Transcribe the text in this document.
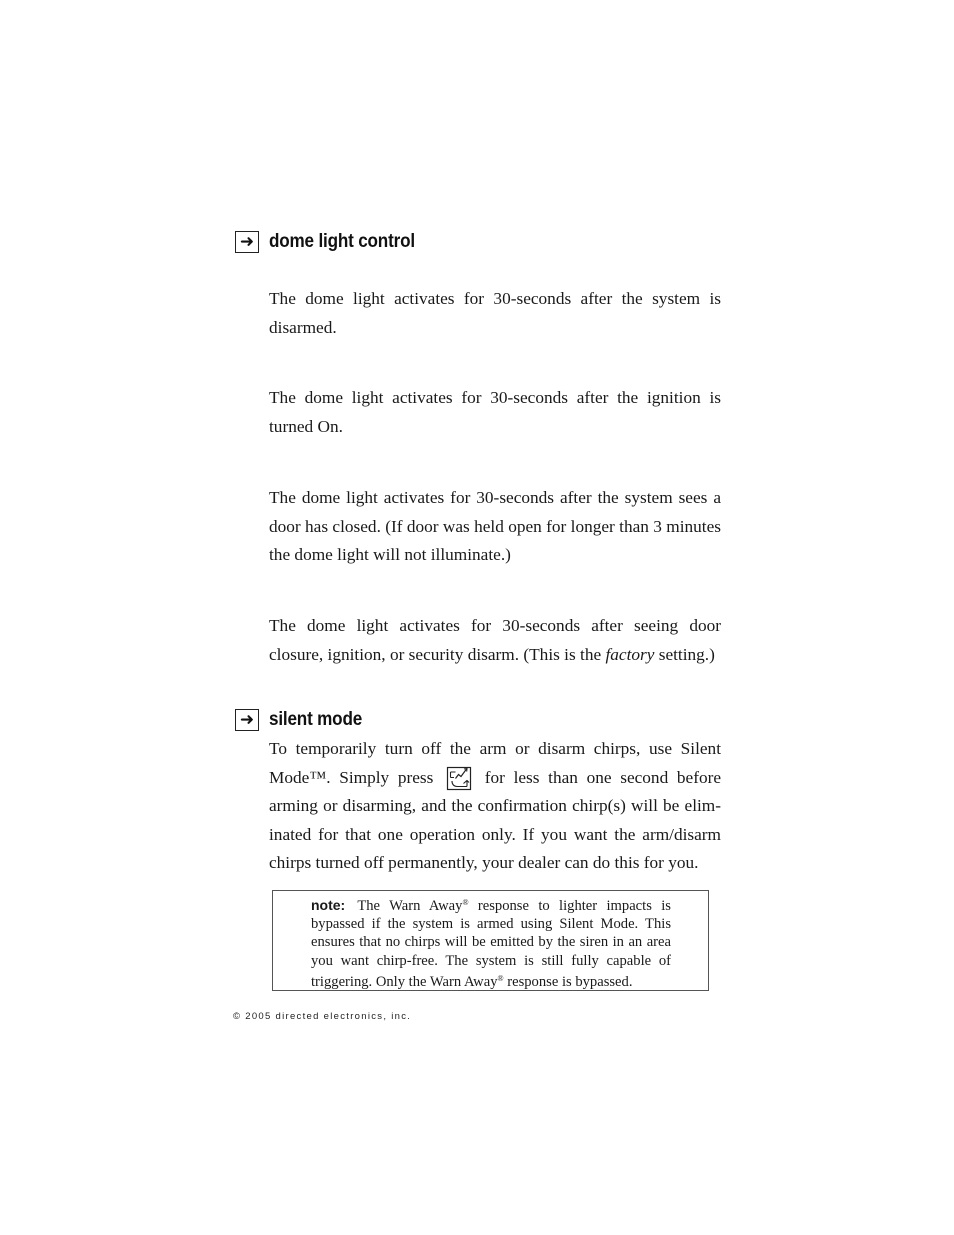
➜ dome light control

The dome light activates for 30-seconds after the system is disarmed.

The dome light activates for 30-seconds after the ignition is turned On.

The dome light activates for 30-seconds after the system sees a door has closed. (If door was held open for longer than 3 minutes the dome light will not illuminate.)

The dome light activates for 30-seconds after seeing door closure, ignition, or security disarm. (This is the factory setting.)

➜ silent mode

To temporarily turn off the arm or disarm chirps, use Silent Mode™. Simply press	for less than one second before arming or disarming, and the confirmation chirp(s) will be elim-inated for that one operation only. If you want the arm/disarm chirps turned off permanently, your dealer can do this for you.

note: The Warn Away® response to lighter impacts is bypassed if the system is armed using Silent Mode. This ensures that no chirps will be emitted by the siren in an area you want chirp-free. The system is still fully capable of triggering. Only the Warn Away® response is bypassed.

© 2005 directed electronics, inc.
